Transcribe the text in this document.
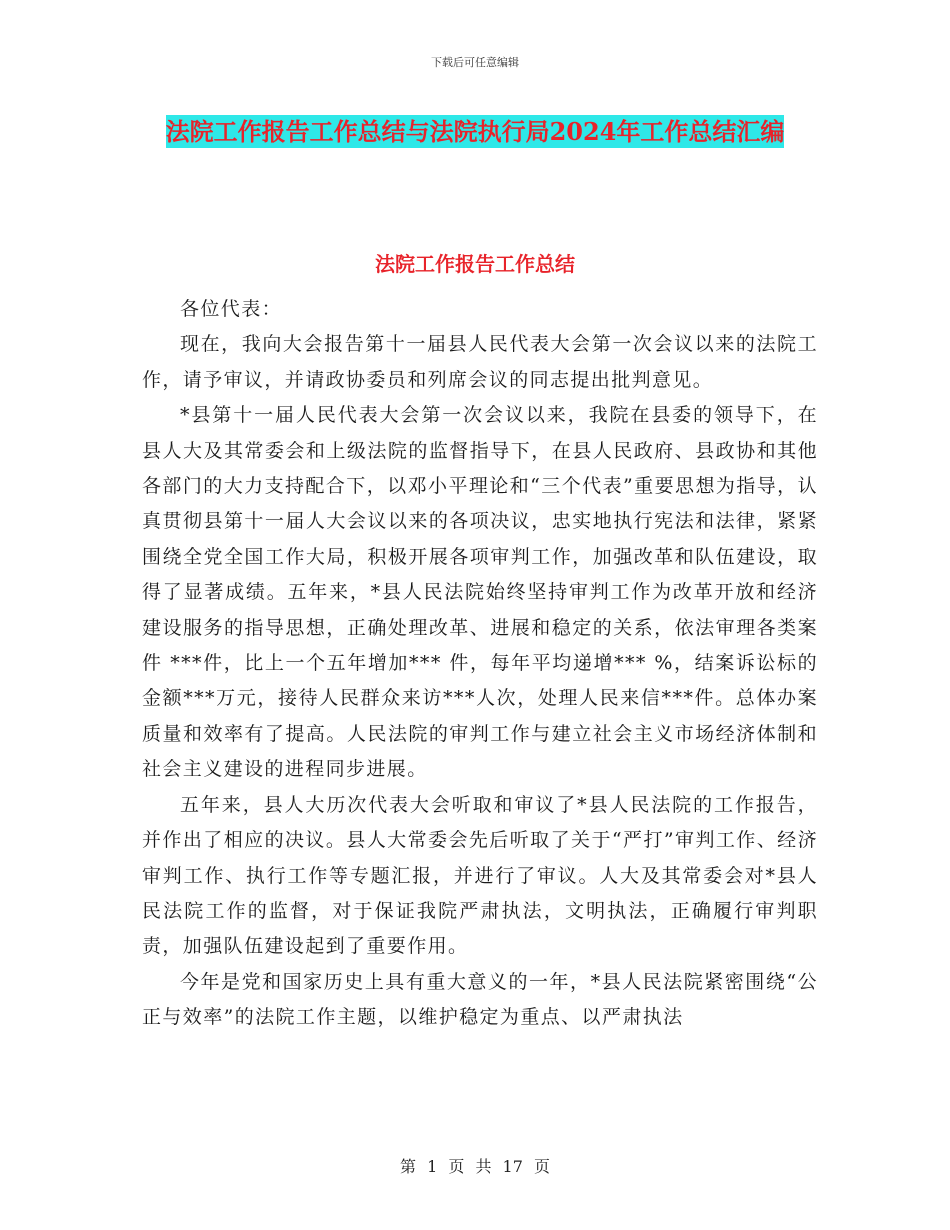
下载后可任意编辑
法院工作报告工作总结与法院执行局2024年工作总结汇编
法院工作报告工作总结

各位代表：

现在，我向大会报告第十一届县人民代表大会第一次会议以来的法院工作，请予审议，并请政协委员和列席会议的同志提出批判意见。

*县第十一届人民代表大会第一次会议以来，我院在县委的领导下，在县人大及其常委会和上级法院的监督指导下，在县人民政府、县政协和其他各部门的大力支持配合下，以邓小平理论和“三个代表”重要思想为指导，认真贯彻县第十一届人大会议以来的各项决议，忠实地执行宪法和法律，紧紧围绕全党全国工作大局，积极开展各项审判工作，加强改革和队伍建设，取得了显著成绩。五年来，*县人民法院始终坚持审判工作为改革开放和经济建设服务的指导思想，正确处理改革、进展和稳定的关系，依法审理各类案件 ***件，比上一个五年增加*** 件，每年平均递增*** %，结案诉讼标的金额***万元，接待人民群众来访***人次，处理人民来信***件。总体办案质量和效率有了提高。人民法院的审判工作与建立社会主义市场经济体制和社会主义建设的进程同步进展。

五年来，县人大历次代表大会听取和审议了*县人民法院的工作报告，并作出了相应的决议。县人大常委会先后听取了关于“严打”审判工作、经济审判工作、执行工作等专题汇报，并进行了审议。人大及其常委会对*县人民法院工作的监督，对于保证我院严肃执法，文明执法，正确履行审判职责，加强队伍建设起到了重要作用。

今年是党和国家历史上具有重大意义的一年，*县人民法院紧密围绕“公正与效率”的法院工作主题，以维护稳定为重点、以严肃执法

第 1 页 共 17 页
